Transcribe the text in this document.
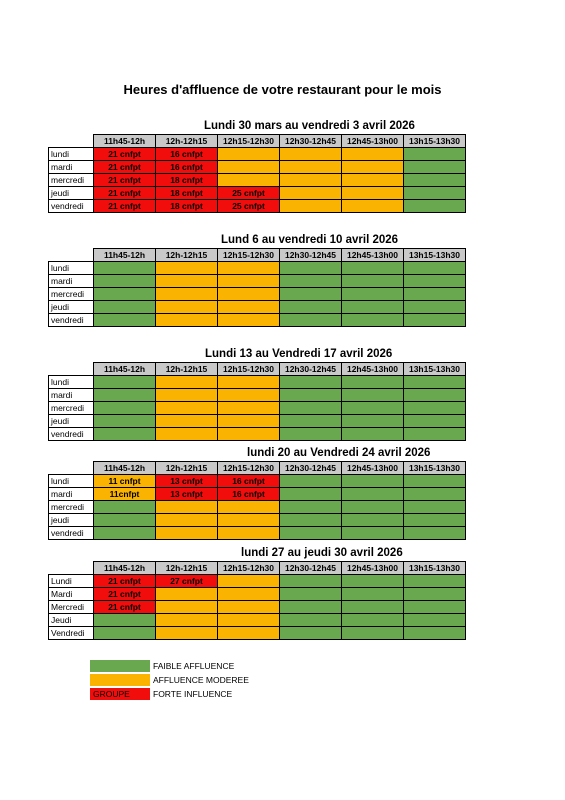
Heures d'affluence de votre restaurant pour le mois
Lundi 30 mars au vendredi 3 avril 2026
	11h45-12h	12h-12h15	12h15-12h30	12h30-12h45	12h45-13h00	13h15-13h30
lundi	21 cnfpt	16 cnfpt				
mardi	21 cnfpt	16 cnfpt				
mercredi	21 cnfpt	18 cnfpt				
jeudi	21 cnfpt	18 cnfpt	25 cnfpt			
vendredi	21 cnfpt	18 cnfpt	25 cnfpt			
Lund 6 au vendredi 10 avril 2026
	11h45-12h	12h-12h15	12h15-12h30	12h30-12h45	12h45-13h00	13h15-13h30
lundi						
mardi						
mercredi						
jeudi						
vendredi						
Lundi 13 au Vendredi 17 avril 2026
	11h45-12h	12h-12h15	12h15-12h30	12h30-12h45	12h45-13h00	13h15-13h30
lundi						
mardi						
mercredi						
jeudi						
vendredi						
lundi 20 au Vendredi 24 avril 2026
	11h45-12h	12h-12h15	12h15-12h30	12h30-12h45	12h45-13h00	13h15-13h30
lundi	11 cnfpt	13 cnfpt	16 cnfpt			
mardi	11cnfpt	13 cnfpt	16 cnfpt			
mercredi						
jeudi						
vendredi						
lundi 27 au jeudi 30 avril 2026
	11h45-12h	12h-12h15	12h15-12h30	12h30-12h45	12h45-13h00	13h15-13h30
Lundi	21 cnfpt	27 cnfpt				
Mardi	21 cnfpt					
Mercredi	21 cnfpt					
Jeudi						
Vendredi						
FAIBLE AFFLUENCE
AFFLUENCE MODEREE
GROUPE	FORTE INFLUENCE
